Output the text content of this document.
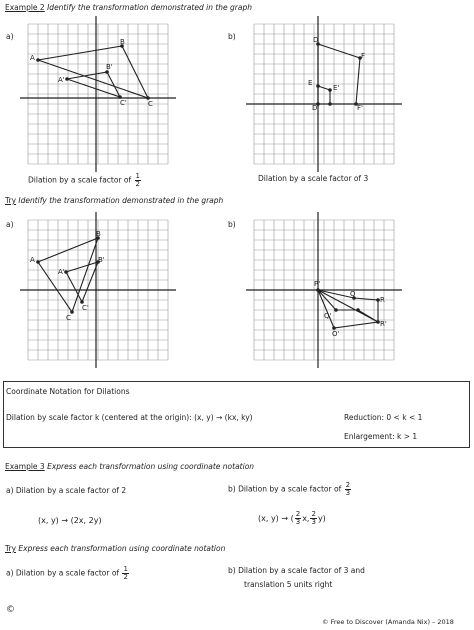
Example 2 Identify the transformation demonstrated in the graph
a)	b)
Dilation by a scale factor of $\frac{1}{2}$	Dilation by a scale factor of 3
Try Identify the transformation demonstrated in the graph
a)	b)
A
B
C
A'
B'
C'
D
F
E
E'
D'	F'
A
B
C
A'
B'
C'
P'
Q
R
Q'
R'
O'
Coordinate Notation for Dilations
Dilation by scale factor k (centered at the origin): (x, y) → (kx, ky)	Reduction: 0 < k < 1
Enlargement: k > 1
Example 3 Express each transformation using coordinate notation
a) Dilation by a scale factor of 2	b) Dilation by a scale factor of $\frac{2}{3}$
(x, y) → (2x, 2y)	(x, y) → ( $\frac{2}{3} x$, $\frac{2}{3} y$)
Try Express each transformation using coordinate notation
a) Dilation by a scale factor of $\frac{1}{2}$	b) Dilation by a scale factor of 3 and
translation 5 units right
©
© Free to Discover (Amanda Nix) – 2018
